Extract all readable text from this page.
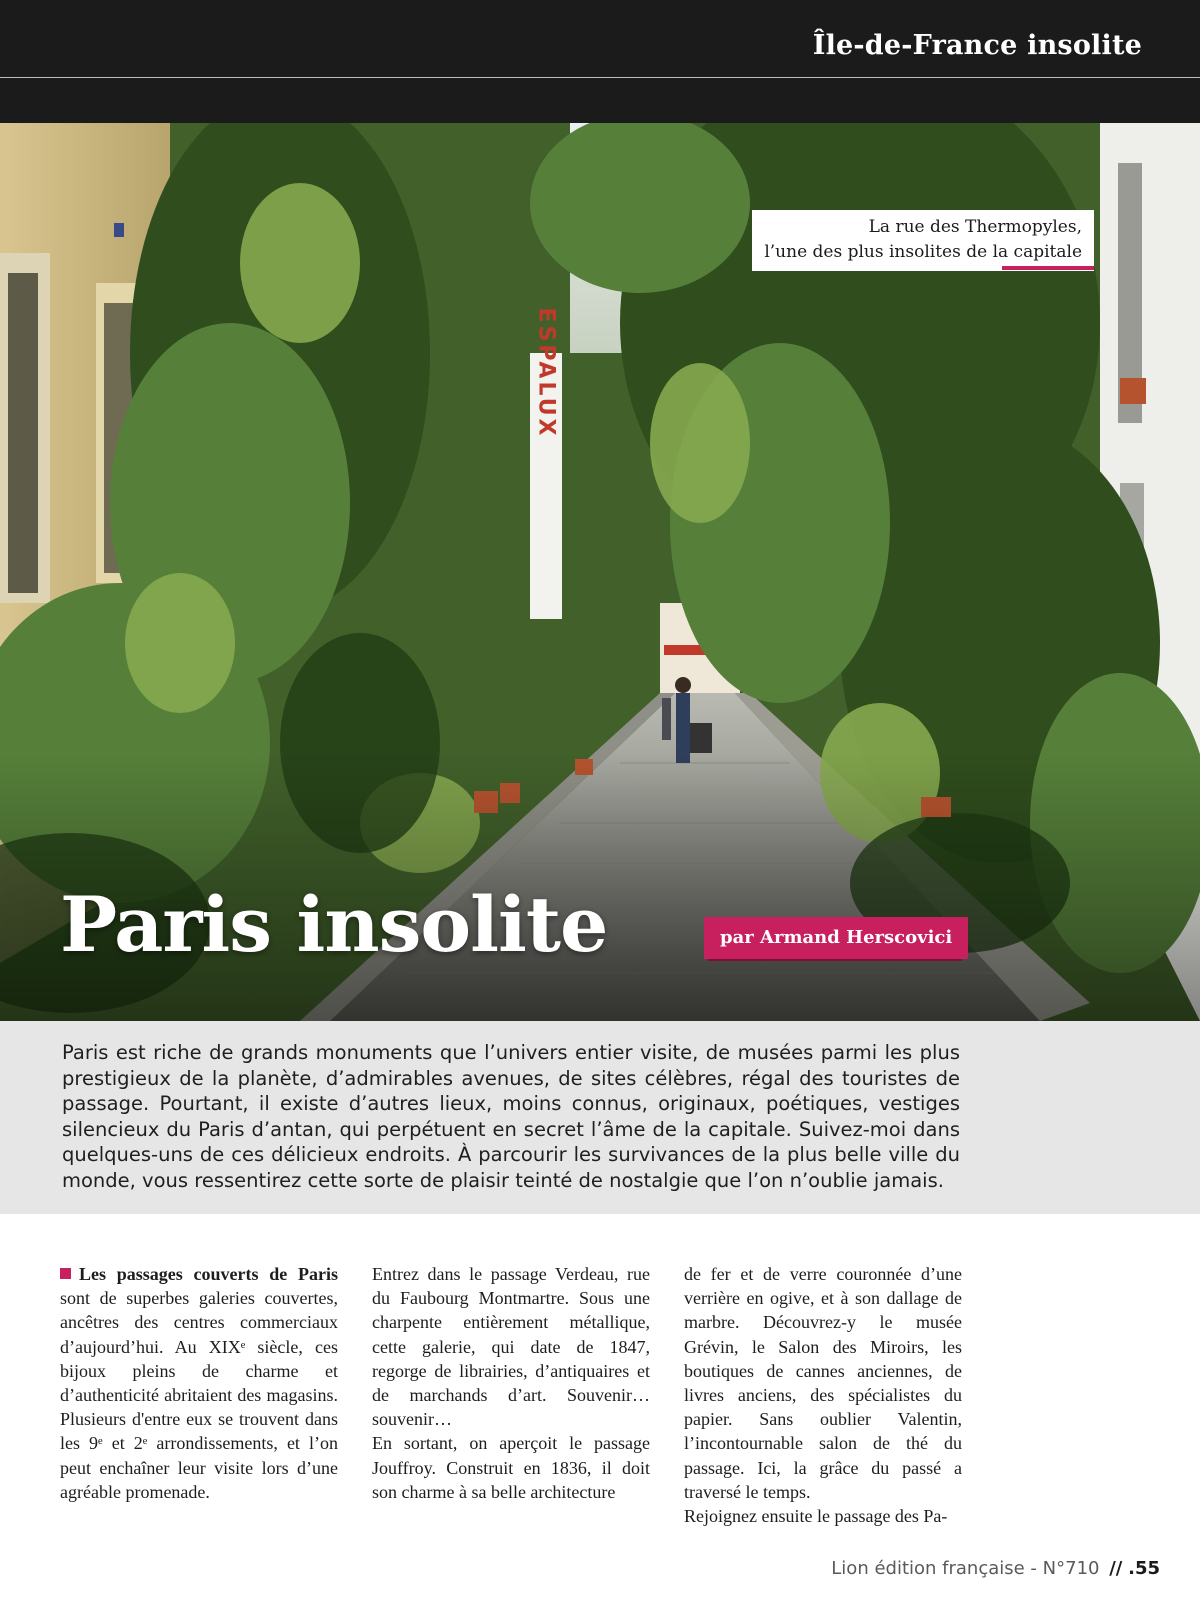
Île-de-France insolite
La rue des Thermopyles,
l’une des plus insolites de la capitale
Paris insolite	par Armand Herscovici
Paris est riche de grands monuments que l’univers entier visite, de musées parmi les plus prestigieux de la planète, d’admirables avenues, de sites célèbres, régal des touristes de passage. Pourtant, il existe d’autres lieux, moins connus, originaux, poétiques, vestiges silencieux du Paris d’antan, qui perpétuent en secret l’âme de la capitale. Suivez-moi dans quelques-uns de ces délicieux endroits. À parcourir les survivances de la plus belle ville du monde, vous ressentirez cette sorte de plaisir teinté de nostalgie que l’on n’oublie jamais.

Les passages couverts de Paris sont de superbes galeries couvertes, ancêtres des centres commerciaux d’aujourd’hui. Au XIXᵉ siècle, ces bijoux pleins de charme et d’authenticité abritaient des magasins. Plusieurs d'entre eux se trouvent dans les 9ᵉ et 2ᵉ arrondissements, et l’on peut enchaîner leur visite lors d’une agréable promenade.

Entrez dans le passage Verdeau, rue du Faubourg Montmartre. Sous une charpente entièrement métallique, cette galerie, qui date de 1847, regorge de librairies, d’antiquaires et de marchands d’art. Souvenir… souvenir…

En sortant, on aperçoit le passage Jouffroy. Construit en 1836, il doit son charme à sa belle architecture

de fer et de verre couronnée d’une verrière en ogive, et à son dallage de marbre. Découvrez-y le musée Grévin, le Salon des Miroirs, les boutiques de cannes anciennes, de livres anciens, des spécialistes du papier. Sans oublier Valentin, l’incontournable salon de thé du passage. Ici, la grâce du passé a traversé le temps.

Rejoignez ensuite le passage des Pa-

Lion édition française - N°710 // .55
